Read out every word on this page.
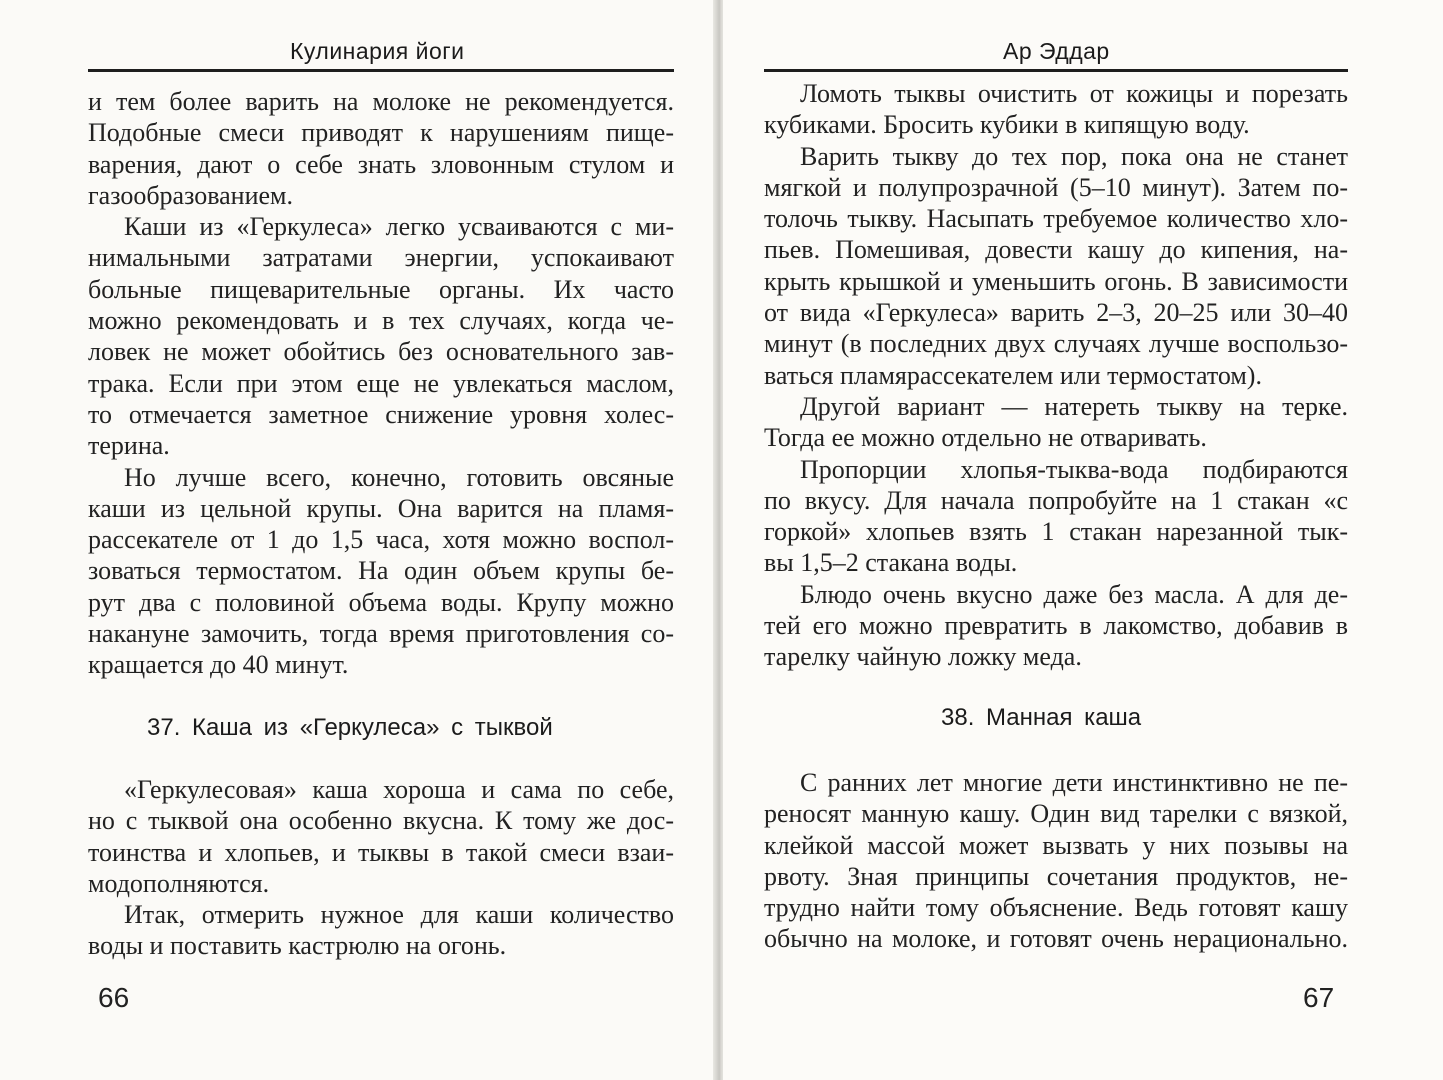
Кулинария йоги
и тем более варить на молоке не рекомендуется.
Подобные смеси приводят к нарушениям пище-
варения, дают о себе знать зловонным стулом и
газообразованием.
Каши из «Геркулеса» легко усваиваются с ми-
нимальными затратами энергии, успокаивают
больные пищеварительные органы. Их часто
можно рекомендовать и в тех случаях, когда че-
ловек не может обойтись без основательного зав-
трака. Если при этом еще не увлекаться маслом,
то отмечается заметное снижение уровня холес-
терина.
Но лучше всего, конечно, готовить овсяные
каши из цельной крупы. Она варится на пламя-
рассекателе от 1 до 1,5 часа, хотя можно воспол-
зоваться термостатом. На один объем крупы бе-
рут два с половиной объема воды. Крупу можно
накануне замочить, тогда время приготовления со-
кращается до 40 минут.
37. Каша из «Геркулеса» с тыквой
«Геркулесовая» каша хороша и сама по себе,
но с тыквой она особенно вкусна. К тому же дос-
тоинства и хлопьев, и тыквы в такой смеси взаи-
модополняются.
Итак, отмерить нужное для каши количество
воды и поставить кастрюлю на огонь.
66
Ар Эддар
Ломоть тыквы очистить от кожицы и порезать
кубиками. Бросить кубики в кипящую воду.
Варить тыкву до тех пор, пока она не станет
мягкой и полупрозрачной (5–10 минут). Затем по-
толочь тыкву. Насыпать требуемое количество хло-
пьев. Помешивая, довести кашу до кипения, на-
крыть крышкой и уменьшить огонь. В зависимости
от вида «Геркулеса» варить 2–3, 20–25 или 30–40
минут (в последних двух случаях лучше воспользо-
ваться пламярассекателем или термостатом).
Другой вариант — натереть тыкву на терке.
Тогда ее можно отдельно не отваривать.
Пропорции хлопья-тыква-вода подбираются
по вкусу. Для начала попробуйте на 1 стакан «с
горкой» хлопьев взять 1 стакан нарезанной тык-
вы 1,5–2 стакана воды.
Блюдо очень вкусно даже без масла. А для де-
тей его можно превратить в лакомство, добавив в
тарелку чайную ложку меда.
38. Манная каша
С ранних лет многие дети инстинктивно не пе-
реносят манную кашу. Один вид тарелки с вязкой,
клейкой массой может вызвать у них позывы на
рвоту. Зная принципы сочетания продуктов, не-
трудно найти тому объяснение. Ведь готовят кашу
обычно на молоке, и готовят очень нерационально.
67
